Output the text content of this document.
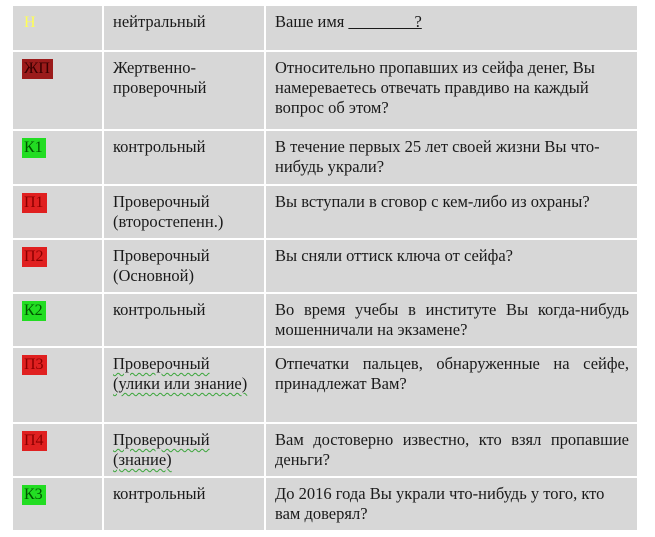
Н	нейтральный	Ваше имя ________?
ЖП	Жертвенно-проверочный	Относительно пропавших из сейфа денег, Вы намереваетесь отвечать правдиво на каждый вопрос об этом?
К1	контрольный	В течение первых 25 лет своей жизни Вы что-нибудь украли?
П1	Проверочный (второстепенн.)	Вы вступали в сговор с кем-либо из охраны?
П2	Проверочный (Основной)	Вы сняли оттиск ключа от сейфа?
К2	контрольный	Во время учебы в институте Вы когда-нибудь мошенничали на экзамене?
П3	Проверочный (улики или знание)	Отпечатки пальцев, обнаруженные на сейфе, принадлежат Вам?
П4	Проверочный (знание)	Вам достоверно известно, кто взял пропавшие деньги?
К3	контрольный	До 2016 года Вы украли что-нибудь у того, кто вам доверял?
